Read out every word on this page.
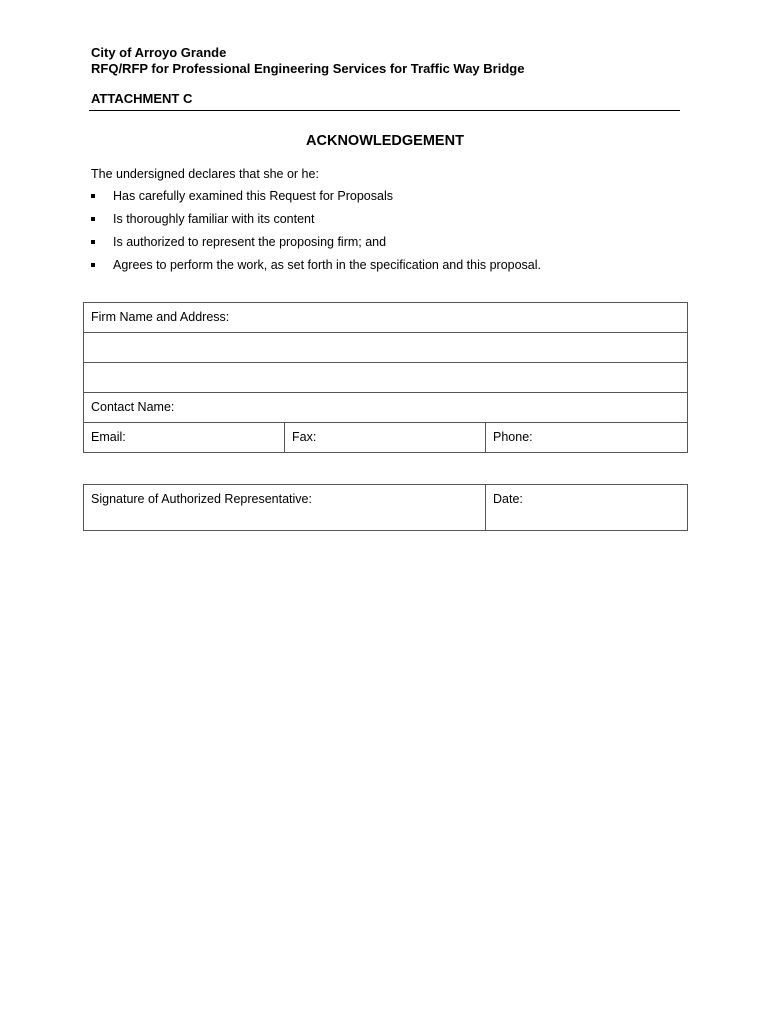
City of Arroyo Grande
RFQ/RFP for Professional Engineering Services for Traffic Way Bridge
ATTACHMENT C
ACKNOWLEDGEMENT
The undersigned declares that she or he:
Has carefully examined this Request for Proposals
Is thoroughly familiar with its content
Is authorized to represent the proposing firm; and
Agrees to perform the work, as set forth in the specification and this proposal.
Firm Name and Address:

Contact Name:
Email:	Fax:	Phone:
Signature of Authorized Representative:	Date:
